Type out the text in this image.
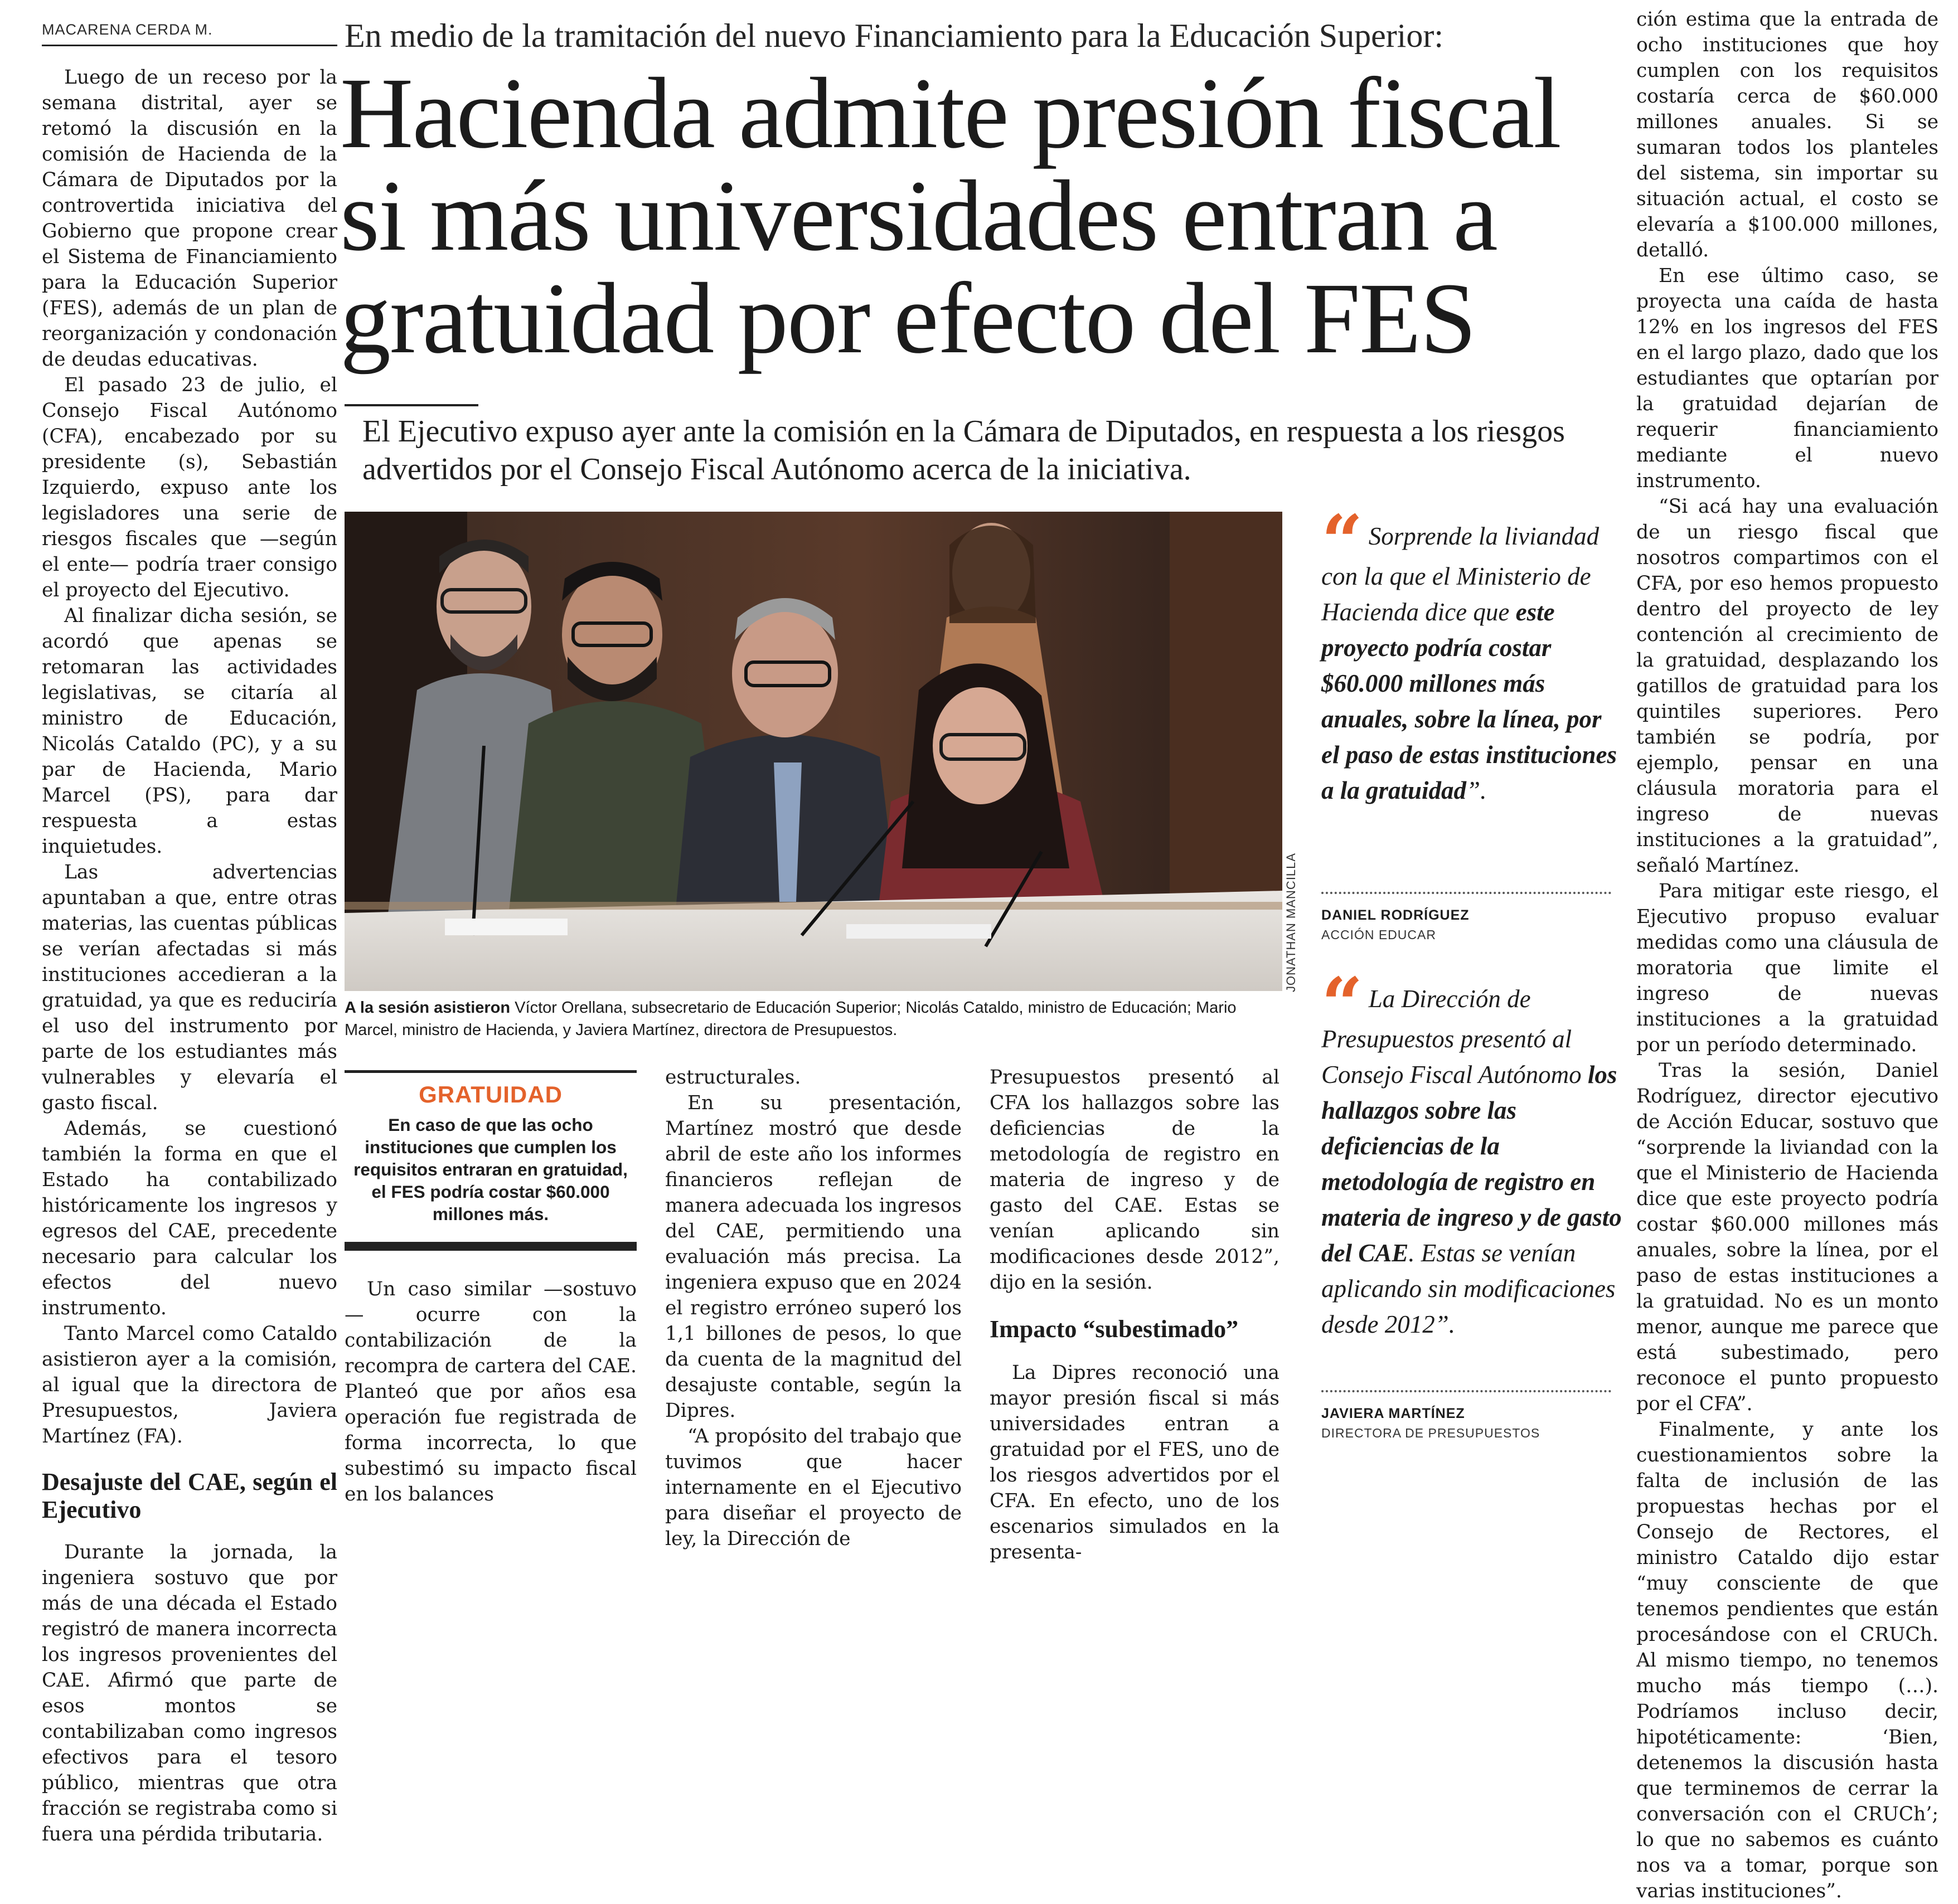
MACARENA CERDA M.

Luego de un receso por la semana distrital, ayer se retomó la discusión en la comisión de Hacienda de la Cámara de Diputados por la controvertida iniciativa del Gobierno que propone crear el Sistema de Financiamiento para la Educación Superior (FES), además de un plan de reorganización y condonación de deudas educativas.

El pasado 23 de julio, el Consejo Fiscal Autónomo (CFA), encabezado por su presidente (s), Sebastián Izquierdo, expuso ante los legisladores una serie de riesgos fiscales que —según el ente— podría traer consigo el proyecto del Ejecutivo.

Al finalizar dicha sesión, se acordó que apenas se retomaran las actividades legislativas, se citaría al ministro de Educación, Nicolás Cataldo (PC), y a su par de Hacienda, Mario Marcel (PS), para dar respuesta a estas inquietudes.

Las advertencias apuntaban a que, entre otras materias, las cuentas públicas se verían afectadas si más instituciones accedieran a la gratuidad, ya que es reduciría el uso del instrumento por parte de los estudiantes más vulnerables y elevaría el gasto fiscal.

Además, se cuestionó también la forma en que el Estado ha contabilizado históricamente los ingresos y egresos del CAE, precedente necesario para calcular los efectos del nuevo instrumento.

Tanto Marcel como Cataldo asistieron ayer a la comisión, al igual que la directora de Presupuestos, Javiera Martínez (FA).

Desajuste del CAE, según el Ejecutivo

Durante la jornada, la ingeniera sostuvo que por más de una década el Estado registró de manera incorrecta los ingresos provenientes del CAE. Afirmó que parte de esos montos se contabilizaban como ingresos efectivos para el tesoro público, mientras que otra fracción se registraba como si fuera una pérdida tributaria.

En medio de la tramitación del nuevo Financiamiento para la Educación Superior:
Hacienda admite presión fiscal si más universidades entran a gratuidad por efecto del FES
El Ejecutivo expuso ayer ante la comisión en la Cámara de Diputados, en respuesta a los riesgos advertidos por el Consejo Fiscal Autónomo acerca de la iniciativa.
JONATHAN MANCILLA
A la sesión asistieron Víctor Orellana, subsecretario de Educación Superior; Nicolás Cataldo, ministro de Educación; Mario Marcel, ministro de Hacienda, y Javiera Martínez, directora de Presupuestos.
GRATUIDAD
En caso de que las ocho instituciones que cumplen los requisitos entraran en gratuidad, el FES podría costar $60.000 millones más.

Un caso similar —sostuvo— ocurre con la contabilización de la recompra de cartera del CAE. Planteó que por años esa operación fue registrada de forma incorrecta, lo que subestimó su impacto fiscal en los balances

estructurales.

En su presentación, Martínez mostró que desde abril de este año los informes financieros reflejan de manera adecuada los ingresos del CAE, permitiendo una evaluación más precisa. La ingeniera expuso que en 2024 el registro erróneo superó los 1,1 billones de pesos, lo que da cuenta de la magnitud del desajuste contable, según la Dipres.

“A propósito del trabajo que tuvimos que hacer internamente en el Ejecutivo para diseñar el proyecto de ley, la Dirección de

Presupuestos presentó al CFA los hallazgos sobre las deficiencias de la metodología de registro en materia de ingreso y de gasto del CAE. Estas se venían aplicando sin modificaciones desde 2012”, dijo en la sesión.

Impacto “subestimado”

La Dipres reconoció una mayor presión fiscal si más universidades entran a gratuidad por el FES, uno de los riesgos advertidos por el CFA. En efecto, uno de los escenarios simulados en la presenta-

“ Sorprende la liviandad con la que el Ministerio de Hacienda dice que este proyecto podría costar $60.000 millones más anuales, sobre la línea, por el paso de estas instituciones a la gratuidad”.
DANIEL RODRÍGUEZ
ACCIÓN EDUCAR
“ La Dirección de Presupuestos presentó al Consejo Fiscal Autónomo los hallazgos sobre las deficiencias de la metodología de registro en materia de ingreso y de gasto del CAE. Estas se venían aplicando sin modificaciones desde 2012”.
JAVIERA MARTÍNEZ
DIRECTORA DE PRESUPUESTOS

ción estima que la entrada de ocho instituciones que hoy cumplen con los requisitos costaría cerca de $60.000 millones anuales. Si se sumaran todos los planteles del sistema, sin importar su situación actual, el costo se elevaría a $100.000 millones, detalló.

En ese último caso, se proyecta una caída de hasta 12% en los ingresos del FES en el largo plazo, dado que los estudiantes que optarían por la gratuidad dejarían de requerir financiamiento mediante el nuevo instrumento.

“Si acá hay una evaluación de un riesgo fiscal que nosotros compartimos con el CFA, por eso hemos propuesto dentro del proyecto de ley contención al crecimiento de la gratuidad, desplazando los gatillos de gratuidad para los quintiles superiores. Pero también se podría, por ejemplo, pensar en una cláusula moratoria para el ingreso de nuevas instituciones a la gratuidad”, señaló Martínez.

Para mitigar este riesgo, el Ejecutivo propuso evaluar medidas como una cláusula de moratoria que limite el ingreso de nuevas instituciones a la gratuidad por un período determinado.

Tras la sesión, Daniel Rodríguez, director ejecutivo de Acción Educar, sostuvo que “sorprende la liviandad con la que el Ministerio de Hacienda dice que este proyecto podría costar $60.000 millones más anuales, sobre la línea, por el paso de estas instituciones a la gratuidad. No es un monto menor, aunque me parece que está subestimado, pero reconoce el punto propuesto por el CFA”.

Finalmente, y ante los cuestionamientos sobre la falta de inclusión de las propuestas hechas por el Consejo de Rectores, el ministro Cataldo dijo estar “muy consciente de que tenemos pendientes que están procesándose con el CRUCh. Al mismo tiempo, no tenemos mucho más tiempo (…). Podríamos incluso decir, hipotéticamente: ‘Bien, detenemos la discusión hasta que terminemos de cerrar la conversación con el CRUCh’; lo que no sabemos es cuánto nos va a tomar, porque son varias instituciones”.
